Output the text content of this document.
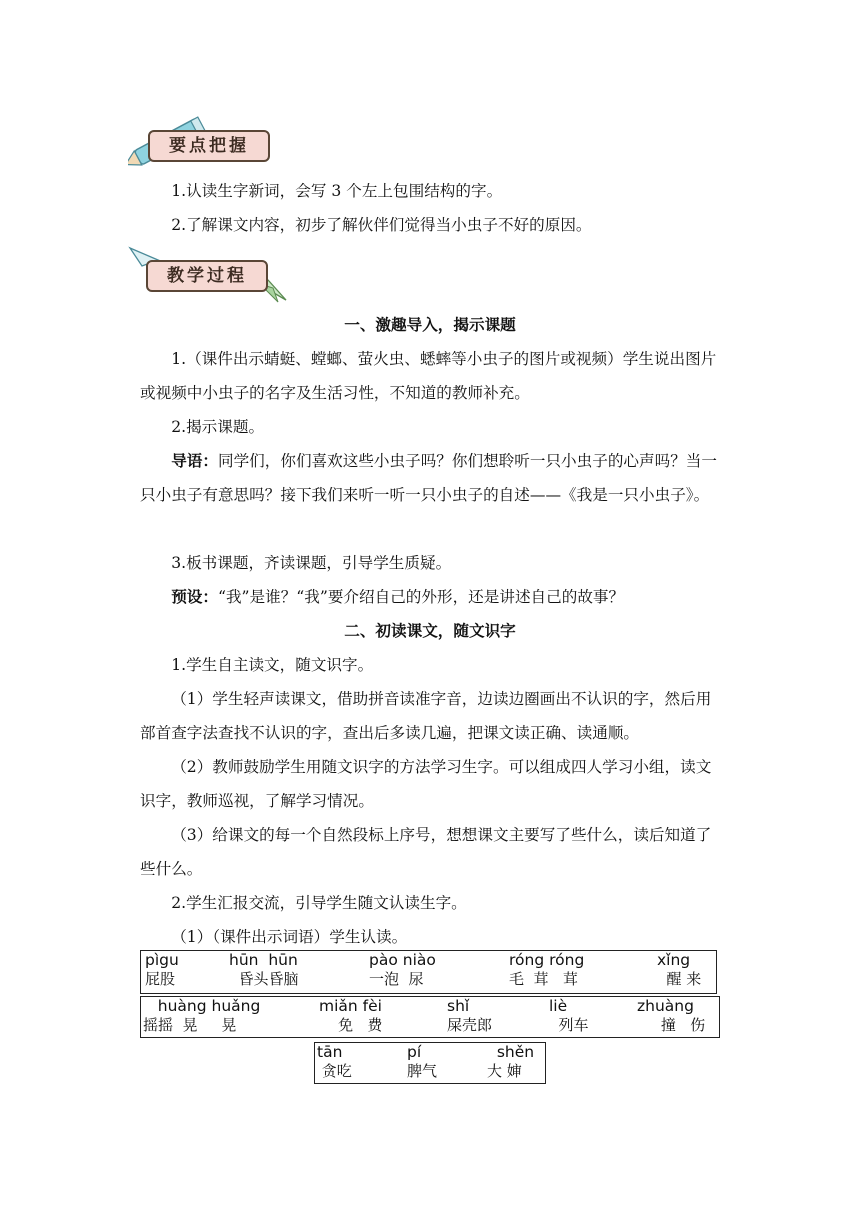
要点把握

1.认读生字新词，会写 3 个左上包围结构的字。

2.了解课文内容，初步了解伙伴们觉得当小虫子不好的原因。

教学过程
一、激趣导入，揭示课题

1.（课件出示蜻蜓、螳螂、萤火虫、蟋蟀等小虫子的图片或视频）学生说出图片或视频中小虫子的名字及生活习性，不知道的教师补充。

2.揭示课题。

导语：同学们，你们喜欢这些小虫子吗？你们想聆听一只小虫子的心声吗？当一只小虫子有意思吗？接下我们来听一听一只小虫子的自述——《我是一只小虫子》。

3.板书课题，齐读课题，引导学生质疑。

预设：“我”是谁？“我”要介绍自己的外形，还是讲述自己的故事？

二、初读课文，随文识字

1.学生自主读文，随文识字。

（1）学生轻声读课文，借助拼音读准字音，边读边圈画出不认识的字，然后用部首查字法查找不认识的字，查出后多读几遍，把课文读正确、读通顺。

（2）教师鼓励学生用随文识字的方法学习生字。可以组成四人学习小组，读文识字，教师巡视，了解学习情况。

（3）给课文的每一个自然段标上序号，想想课文主要写了些什么，读后知道了些什么。

2.学生汇报交流，引导学生随文认读生字。

（1）（课件出示词语）学生认读。

pìgu
屁股
hūn  hūn
昏头昏脑
pào niào
一泡  尿
róng róng
毛  茸   茸
xǐng
醒 来
huàng huǎng
摇摇  晃     晃
miǎn fèi
免   费
shǐ
屎壳郎
liè
列车
zhuàng
撞   伤
tān
贪吃
pí
脾气
shěn
大 婶
